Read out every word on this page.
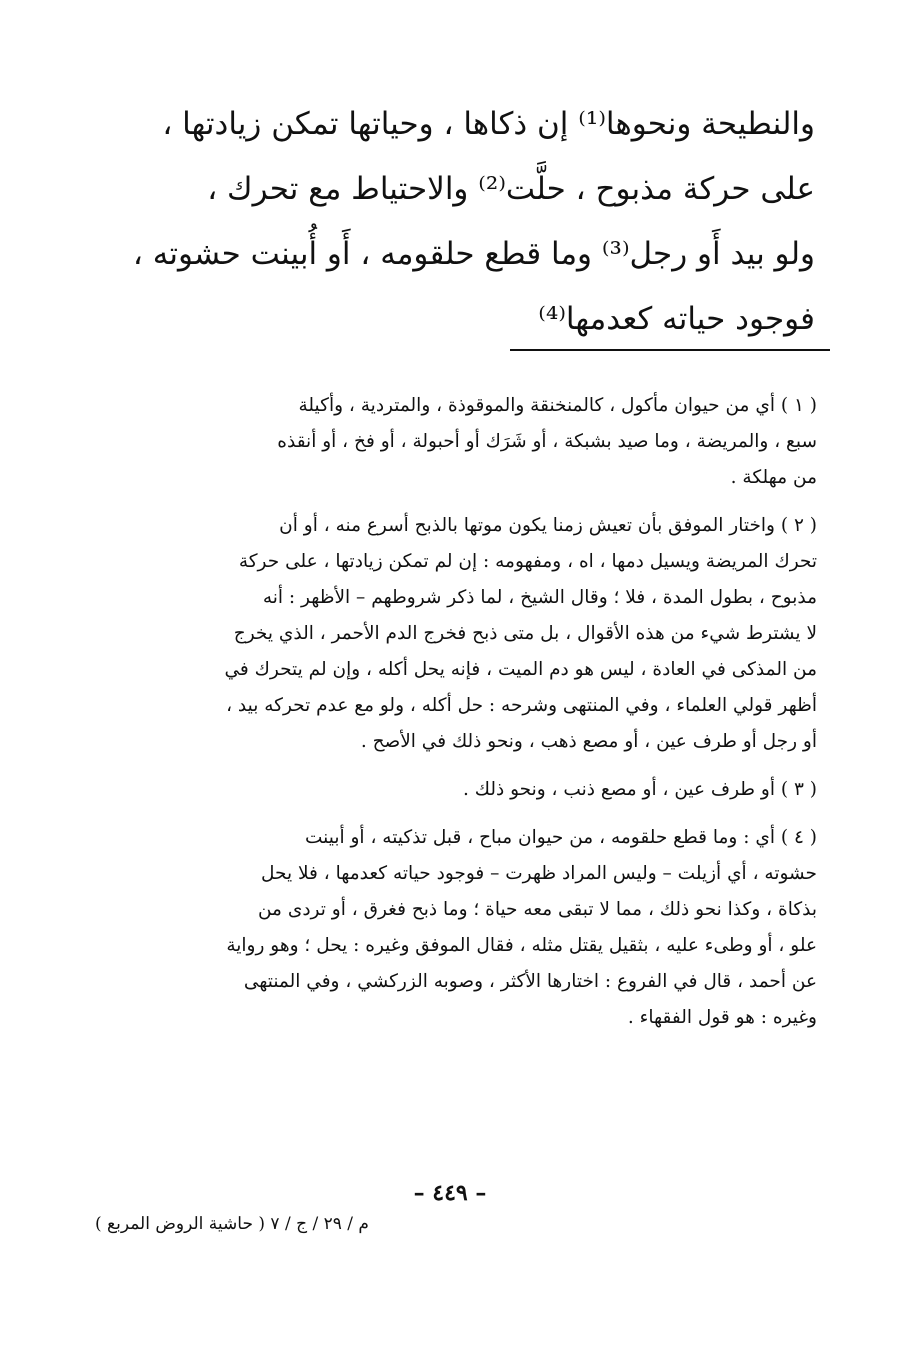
والنطيحة ونحوها⁽¹⁾ إن ذكاها ، وحياتها تمكن زيادتها ،
على حركة مذبوح ، حلَّت⁽²⁾ والاحتياط مع تحرك ،
ولو بيد أَو رجل⁽³⁾ وما قطع حلقومه ، أَو أُبينت حشوته ،
فوجود حياته كعدمها⁽⁴⁾
( ١ ) أي من حيوان مأكول ، كالمنخنقة والموقوذة ، والمتردية ، وأكيلة
سبع ، والمريضة ، وما صيد بشبكة ، أو شَرَك أو أحبولة ، أو فخ ، أو أنقذه
من مهلكة .
( ٢ ) واختار الموفق بأن تعيش زمنا يكون موتها بالذبح أسرع منه ، أو أن
تحرك المريضة ويسيل دمها ، اه ، ومفهومه : إن لم تمكن زيادتها ، على حركة
مذبوح ، بطول المدة ، فلا ؛ وقال الشيخ ، لما ذكر شروطهم – الأظهر : أنه
لا يشترط شيء من هذه الأقوال ، بل متى ذبح فخرج الدم الأحمر ، الذي يخرج
من المذكى في العادة ، ليس هو دم الميت ، فإنه يحل أكله ، وإن لم يتحرك في
أظهر قولي العلماء ، وفي المنتهى وشرحه : حل أكله ، ولو مع عدم تحركه بيد ،
أو رجل أو طرف عين ، أو مصع ذهب ، ونحو ذلك في الأصح .
( ٣ ) أو طرف عين ، أو مصع ذنب ، ونحو ذلك .
( ٤ ) أي : وما قطع حلقومه ، من حيوان مباح ، قبل تذكيته ، أو أبينت
حشوته ، أي أزيلت – وليس المراد ظهرت – فوجود حياته كعدمها ، فلا يحل
بذكاة ، وكذا نحو ذلك ، مما لا تبقى معه حياة ؛ وما ذبح فغرق ، أو تردى من
علو ، أو وطىء عليه ، بثقيل يقتل مثله ، فقال الموفق وغيره : يحل ؛ وهو رواية
عن أحمد ، قال في الفروع : اختارها الأكثر ، وصوبه الزركشي ، وفي المنتهى
وغيره : هو قول الفقهاء .
– ٤٤٩ –
م / ٢٩ / ج / ٧ ( حاشية الروض المربع )
